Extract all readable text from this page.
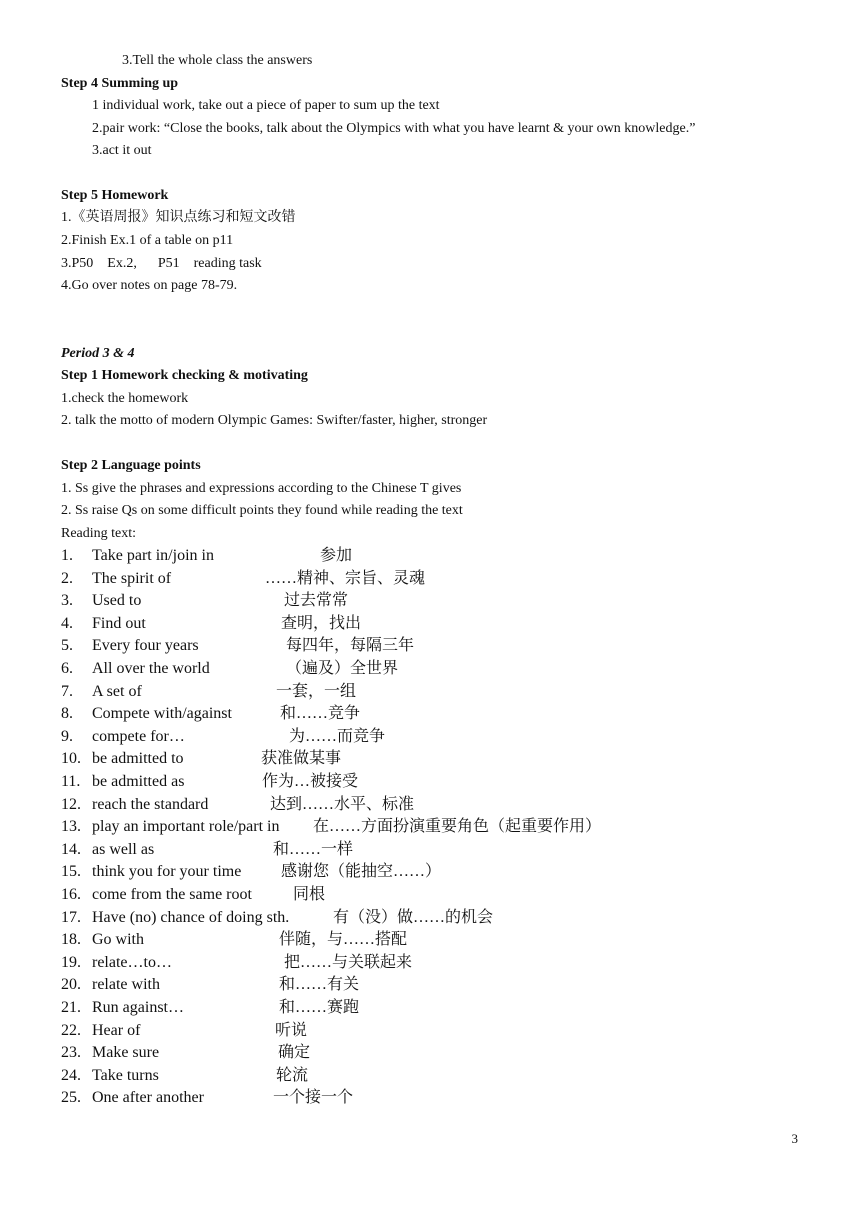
3.Tell the whole class the answers
Step 4 Summing up
1 individual work, take out a piece of paper to sum up the text
2.pair work: “Close the books, talk about the Olympics with what you have learnt & your own knowledge.”
3.act it out
Step 5 Homework
1.《英语周报》知识点练习和短文改错
2.Finish Ex.1 of a table on p11
3.P50    Ex.2,      P51    reading task
4.Go over notes on page 78-79.
Period 3 & 4
Step 1 Homework checking & motivating
1.check the homework
2. talk the motto of modern Olympic Games: Swifter/faster, higher, stronger
Step 2 Language points
1. Ss give the phrases and expressions according to the Chinese T gives
2. Ss raise Qs on some difficult points they found while reading the text
Reading text:
1. Take part in/join in	参加
2. The spirit of	……精神、宗旨、灵魂
3. Used to	过去常常
4. Find out	查明，找出
5. Every four years	每四年，每隔三年
6. All over the world	（遍及）全世界
7. A set of	一套，一组
8. Compete with/against	和……竞争
9. compete for…	为……而竞争
10. be admitted to	获准做某事
11. be admitted as	作为…被接受
12. reach the standard	达到……水平、标准
13. play an important role/part in 在……方面扮演重要角色（起重要作用）
14. as well as	和……一样
15. think you for your time 感谢您（能抽空……）
16. come from the same root	同根
17. Have (no) chance of doing sth.	有（没）做……的机会
18. Go with	伴随，与……搭配
19. relate…to…	把……与关联起来
20. relate with	和……有关
21. Run against…	和……赛跑
22. Hear of	听说
23. Make sure	确定
24. Take turns	轮流
25. One after another	一个接一个
3
